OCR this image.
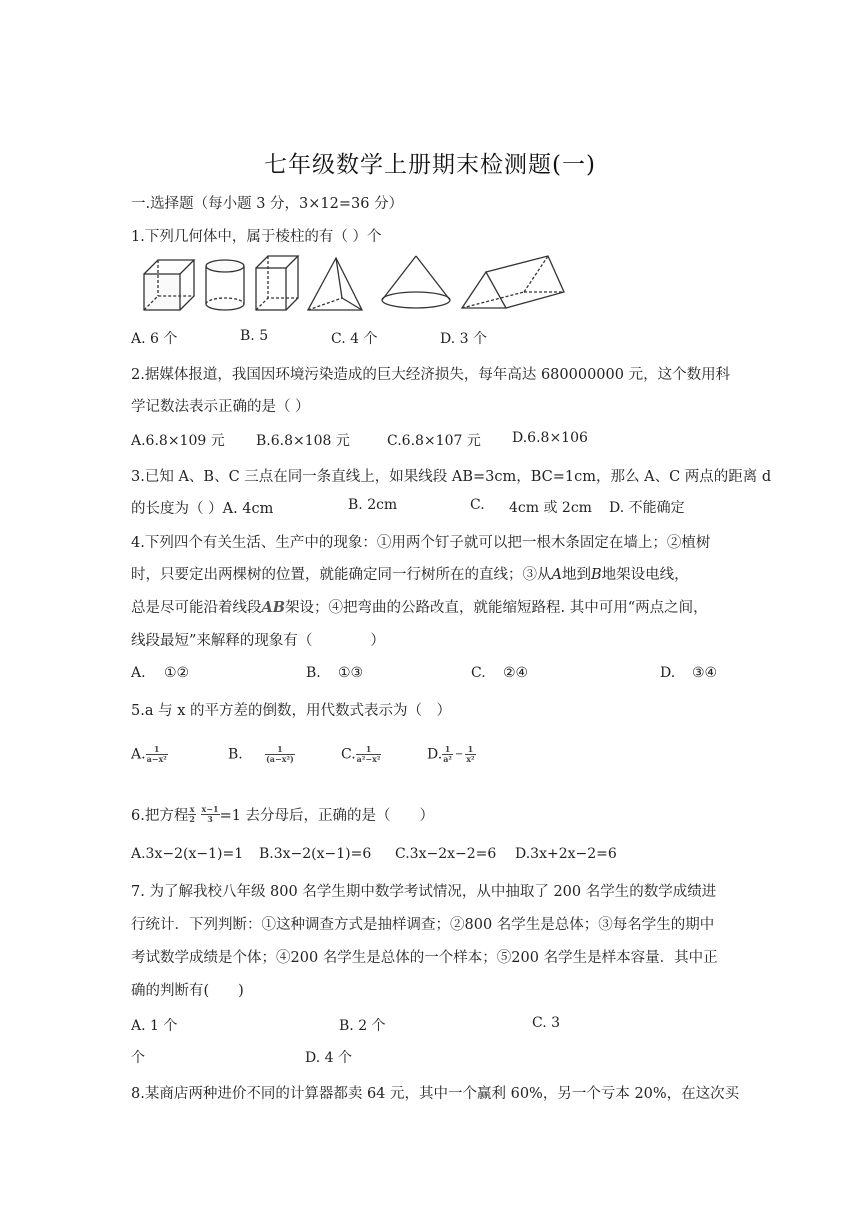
七年级数学上册期末检测题(一)
一.选择题（每小题 3 分，3×12=36 分）
1.下列几何体中，属于棱柱的有（ ）个
A. 6 个	B. 5	C. 4 个	D. 3 个
2.据媒体报道，我国因环境污染造成的巨大经济损失，每年高达 680000000 元，这个数用科
学记数法表示正确的是（ ）
A.6.8×109 元 B.6.8×108 元	C.6.8×107 元 D.6.8×106
3.已知 A、B、C 三点在同一条直线上，如果线段 AB=3cm，BC=1cm，那么 A、C 两点的距离 d
的长度为（ ）A. 4cm	B. 2cm	C. 4cm 或 2cm D. 不能确定
4.下列四个有关生活、生产中的现象：①用两个钉子就可以把一根木条固定在墙上；②植树
时，只要定出两棵树的位置，就能确定同一行树所在的直线；③从A地到B地架设电线，
总是尽可能沿着线段AB架设；④把弯曲的公路改直，就能缩短路程. 其中可用“两点之间，
线段最短”来解释的现象有（　　　　）
A. ①②	B. ①③	C. ②④	D. ③④
5.a 与 x 的平方差的倒数，用代数式表示为（　）
A. $\frac{1}{\text{a−x²}}$	B.	$\frac{1}{\text{(a−x²)}}$	C. $\frac{1}{\text{a²−x²}}$	D. $\frac{1}{\text{a²}} - \frac{1}{\text{x²}}$
6.把方程 $\frac{x}{2}$
$\frac{x-1}{3} =1$ 去分母后，正确的是（　　）
A.3x−2(x−1)=1 B.3x−2(x−1)=6 C.3x−2x−2=6 D.3x+2x−2=6
7. 为了解我校八年级 800 名学生期中数学考试情况，从中抽取了 200 名学生的数学成绩进
行统计．下列判断：①这种调查方式是抽样调查；②800 名学生是总体；③每名学生的期中
考试数学成绩是个体；④200 名学生是总体的一个样本；⑤200 名学生是样本容量．其中正
确的判断有(　　)
A. 1 个	B. 2 个	C. 3
个	D. 4 个
8.某商店两种进价不同的计算器都卖 64 元，其中一个赢利 60%，另一个亏本 20%，在这次买
